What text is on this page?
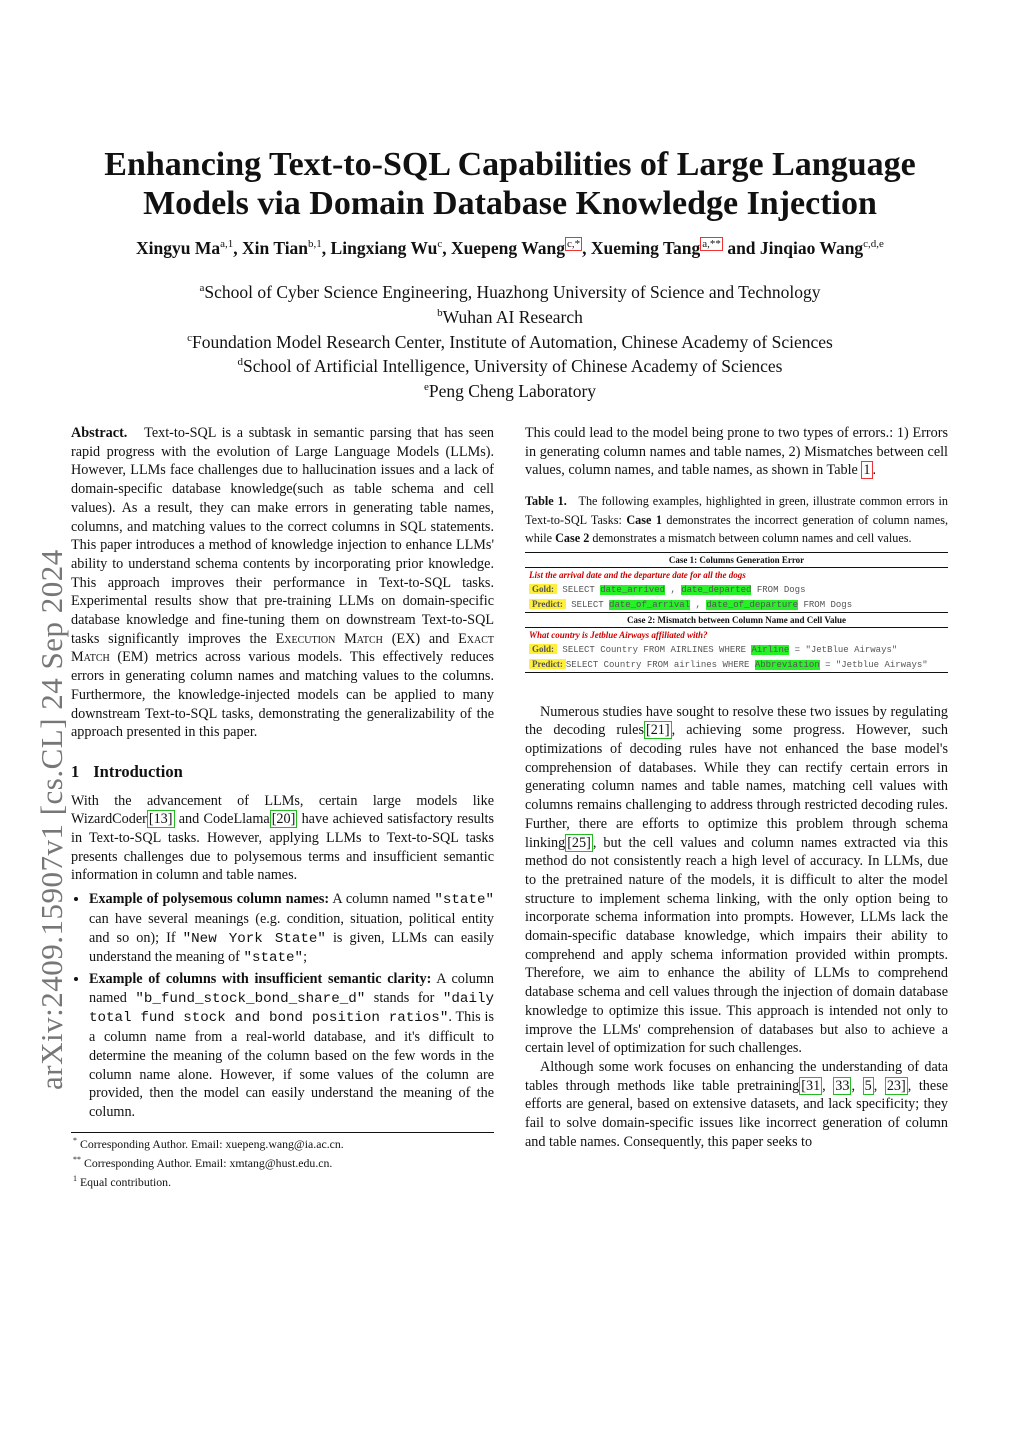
arXiv:2409.15907v1 [cs.CL] 24 Sep 2024
Enhancing Text-to-SQL Capabilities of Large Language Models via Domain Database Knowledge Injection
Xingyu Ma$^{a,1}$, Xin Tian$^{b,1}$, Lingxiang Wu$^c$, Xuepeng Wang $^{c,*}$ , Xueming Tang $^{a,**}$ and Jinqiao Wang$^{c,d,e}$
$^a$School of Cyber Science Engineering, Huazhong University of Science and Technology
$^b$Wuhan AI Research
$^c$Foundation Model Research Center, Institute of Automation, Chinese Academy of Sciences
$^d$School of Artificial Intelligence, University of Chinese Academy of Sciences
$^e$Peng Cheng Laboratory

Abstract. Text-to-SQL is a subtask in semantic parsing that has seen rapid progress with the evolution of Large Language Models (LLMs). However, LLMs face challenges due to hallucination issues and a lack of domain-specific database knowledge(such as table schema and cell values). As a result, they can make errors in generating table names, columns, and matching values to the correct columns in SQL statements. This paper introduces a method of knowledge injection to enhance LLMs' ability to understand schema contents by incorporating prior knowledge. This approach improves their performance in Text-to-SQL tasks. Experimental results show that pre-training LLMs on domain-specific database knowledge and fine-tuning them on downstream Text-to-SQL tasks significantly improves the Execution Match (EX) and Exact Match (EM) metrics across various models. This effectively reduces errors in generating column names and matching values to the columns. Furthermore, the knowledge-injected models can be applied to many downstream Text-to-SQL tasks, demonstrating the generalizability of the approach presented in this paper.

1 Introduction

With the advancement of LLMs, certain large models like WizardCoder [13] and CodeLlama [20] have achieved satisfactory results in Text-to-SQL tasks. However, applying LLMs to Text-to-SQL tasks presents challenges due to polysemous terms and insufficient semantic information in column and table names.

• Example of polysemous column names: A column named "state" can have several meanings (e.g. condition, situation, political entity and so on); If "New York State" is given, LLMs can easily understand the meaning of "state";
• Example of columns with insufficient semantic clarity: A column named "b_fund_stock_bond_share_d" stands for "daily total fund stock and bond position ratios". This is a column name from a real-world database, and it's difficult to determine the meaning of the column based on the few words in the column name alone. However, if some values of the column are provided, then the model can easily understand the meaning of the column.
* Corresponding Author. Email: xuepeng.wang@ia.ac.cn.
** Corresponding Author. Email: xmtang@hust.edu.cn.
$^1$ Equal contribution.

This could lead to the model being prone to two types of errors.: 1) Errors in generating column names and table names, 2) Mismatches between cell values, column names, and table names, as shown in Table 1 .

Table 1. The following examples, highlighted in green, illustrate common errors in Text-to-SQL Tasks: Case 1 demonstrates the incorrect generation of column names, while Case 2 demonstrates a mismatch between column names and cell values.
Case 1: Columns Generation Error
List the arrival date and the departure date for all the dogs
Gold: SELECT date_arrived , date_departed FROM Dogs
Predict: SELECT date_of_arrival , date_of_departure FROM Dogs
Case 2: Mismatch between Column Name and Cell Value
What country is Jetblue Airways affiliated with?
Gold: SELECT Country FROM AIRLINES WHERE Airline = "JetBlue Airways"
Predict: SELECT Country FROM airlines WHERE Abbreviation = "Jetblue Airways"

Numerous studies have sought to resolve these two issues by regulating the decoding rules [21] , achieving some progress. However, such optimizations of decoding rules have not enhanced the base model's comprehension of databases. While they can rectify certain errors in generating column names and table names, matching cell values with columns remains challenging to address through restricted decoding rules. Further, there are efforts to optimize this problem through schema linking [25] , but the cell values and column names extracted via this method do not consistently reach a high level of accuracy. In LLMs, due to the pretrained nature of the models, it is difficult to alter the model structure to implement schema linking, with the only option being to incorporate schema information into prompts. However, LLMs lack the domain-specific database knowledge, which impairs their ability to comprehend and apply schema information provided within prompts. Therefore, we aim to enhance the ability of LLMs to comprehend database schema and cell values through the injection of domain database knowledge to optimize this issue. This approach is intended not only to improve the LLMs' comprehension of databases but also to achieve a certain level of optimization for such challenges.

Although some work focuses on enhancing the understanding of data tables through methods like table pretraining [31 , 33 , 5 , 23] , these efforts are general, based on extensive datasets, and lack specificity; they fail to solve domain-specific issues like incorrect generation of column and table names. Consequently, this paper seeks to
